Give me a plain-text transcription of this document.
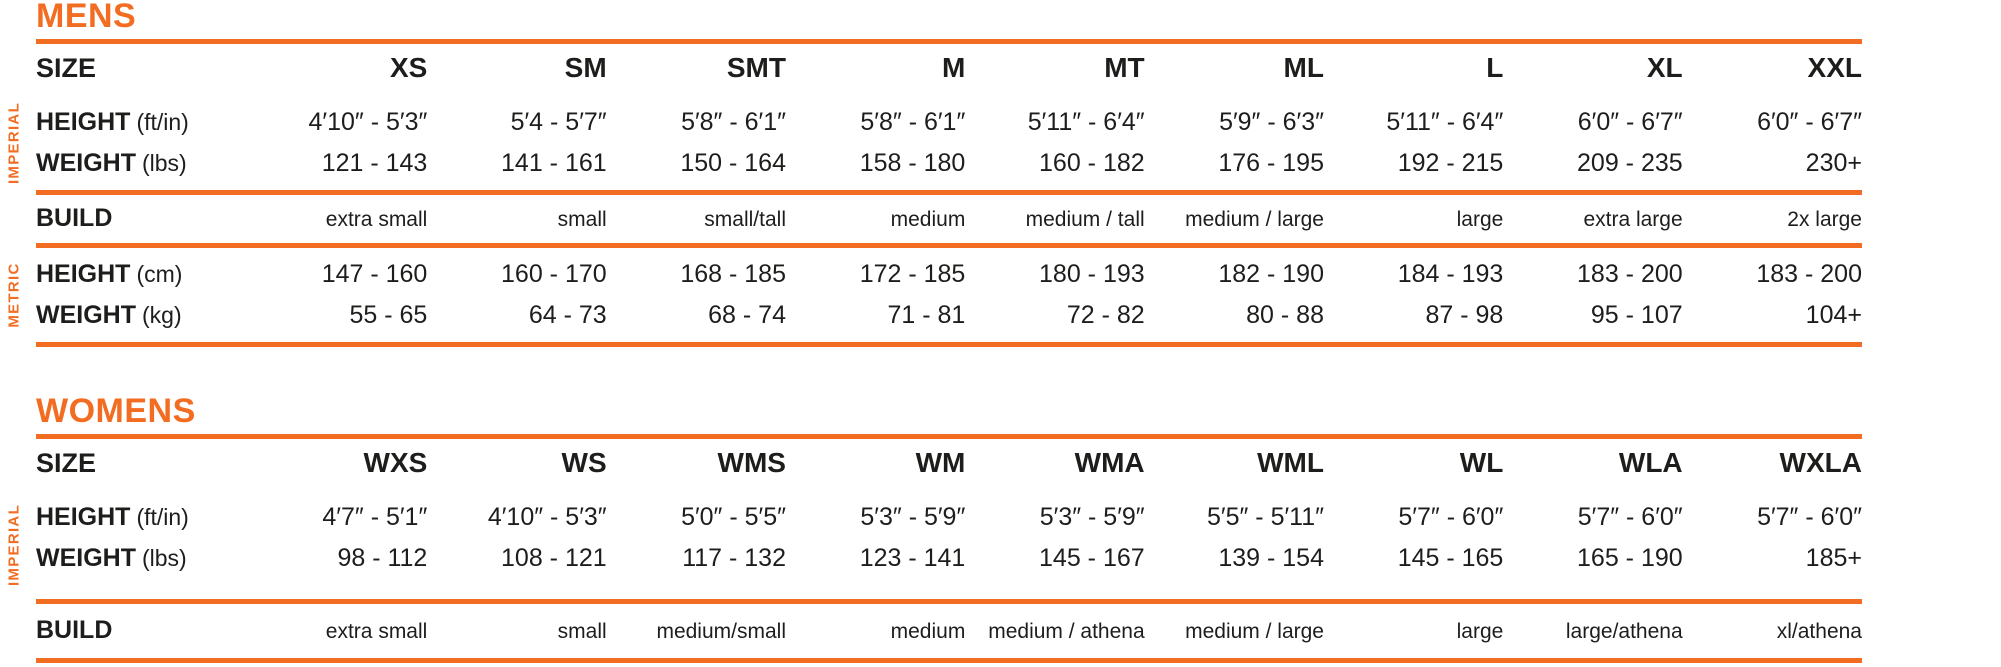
MENS
SIZE	XS	SM	SMT	M	MT	ML	L	XL	XXL
IMPERIAL HEIGHT (ft/in)	4′10″ - 5′3″	5′4 - 5′7″	5′8″ - 6′1″	5′8″ - 6′1″	5′11″ - 6′4″	5′9″ - 6′3″	5′11″ - 6′4″	6′0″ - 6′7″	6′0″ - 6′7″
WEIGHT (lbs)	121 - 143	141 - 161	150 - 164	158 - 180	160 - 182	176 - 195	192 - 215	209 - 235	230+
BUILD	extra small	small	small/tall	medium	medium / tall	medium / large	large	extra large	2x large
METRIC HEIGHT (cm)	147 - 160	160 - 170	168 - 185	172 - 185	180 - 193	182 - 190	184 - 193	183 - 200	183 - 200
WEIGHT (kg)	55 - 65	64 - 73	68 - 74	71 - 81	72 - 82	80 - 88	87 - 98	95 - 107	104+
WOMENS
SIZE	WXS	WS	WMS	WM	WMA	WML	WL	WLA	WXLA
IMPERIAL HEIGHT (ft/in)	4′7″ - 5′1″	4′10″ - 5′3″	5′0″ - 5′5″	5′3″ - 5′9″	5′3″ - 5′9″	5′5″ - 5′11″	5′7″ - 6′0″	5′7″ - 6′0″	5′7″ - 6′0″
WEIGHT (lbs)	98 - 112	108 - 121	117 - 132	123 - 141	145 - 167	139 - 154	145 - 165	165 - 190	185+
BUILD	extra small	small	medium/small	medium	medium / athena	medium / large	large	large/athena	xl/athena
